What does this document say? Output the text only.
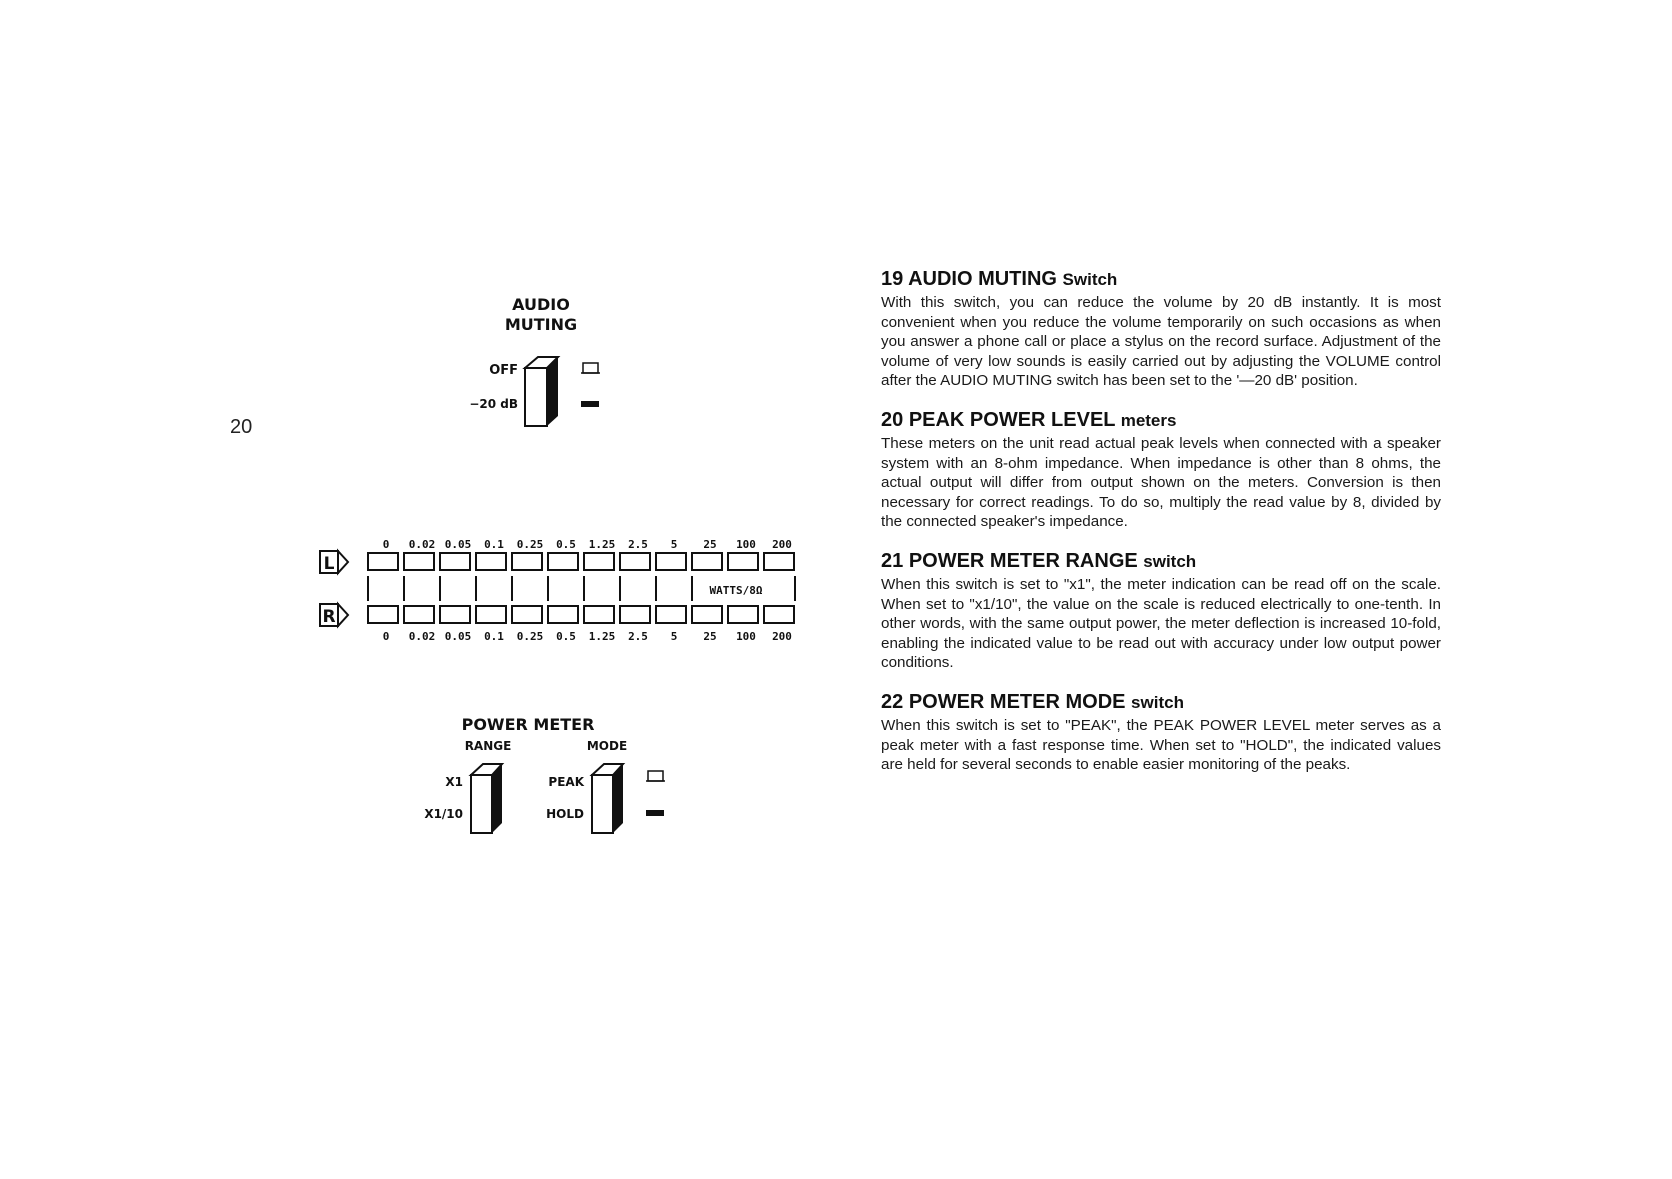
20
AUDIO
MUTING
OFF
−20 dB
L
R
0 0.02 0.05 0.1 0.25 0.5 1.25 2.5 5 25 100 200
0 0.02 0.05 0.1 0.25 0.5 1.25 2.5 5 25 100 200
WATTS/8Ω
POWER METER
RANGE	MODE
X1
X1/10
PEAK
HOLD
19 AUDIO MUTING Switch

With this switch, you can reduce the volume by 20 dB instantly. It is most convenient when you reduce the volume temporarily on such occasions as when you answer a phone call or place a stylus on the record surface. Adjustment of the volume of very low sounds is easily carried out by adjusting the VOLUME control after the AUDIO MUTING switch has been set to the '—20 dB' position.

20 PEAK POWER LEVEL meters

These meters on the unit read actual peak levels when connected with a speaker system with an 8-ohm impedance. When impedance is other than 8 ohms, the actual output will differ from output shown on the meters. Conversion is then necessary for correct readings. To do so, multiply the read value by 8, divided by the connected speaker's impedance.

21 POWER METER RANGE switch

When this switch is set to "x1", the meter indication can be read off on the scale. When set to "x1/10", the value on the scale is reduced electrically to one-tenth. In other words, with the same output power, the meter deflection is increased 10-fold, enabling the indicated value to be read out with accuracy under low output power conditions.

22 POWER METER MODE switch

When this switch is set to "PEAK", the PEAK POWER LEVEL meter serves as a peak meter with a fast response time. When set to "HOLD", the indicated values are held for several seconds to enable easier monitoring of the peaks.
